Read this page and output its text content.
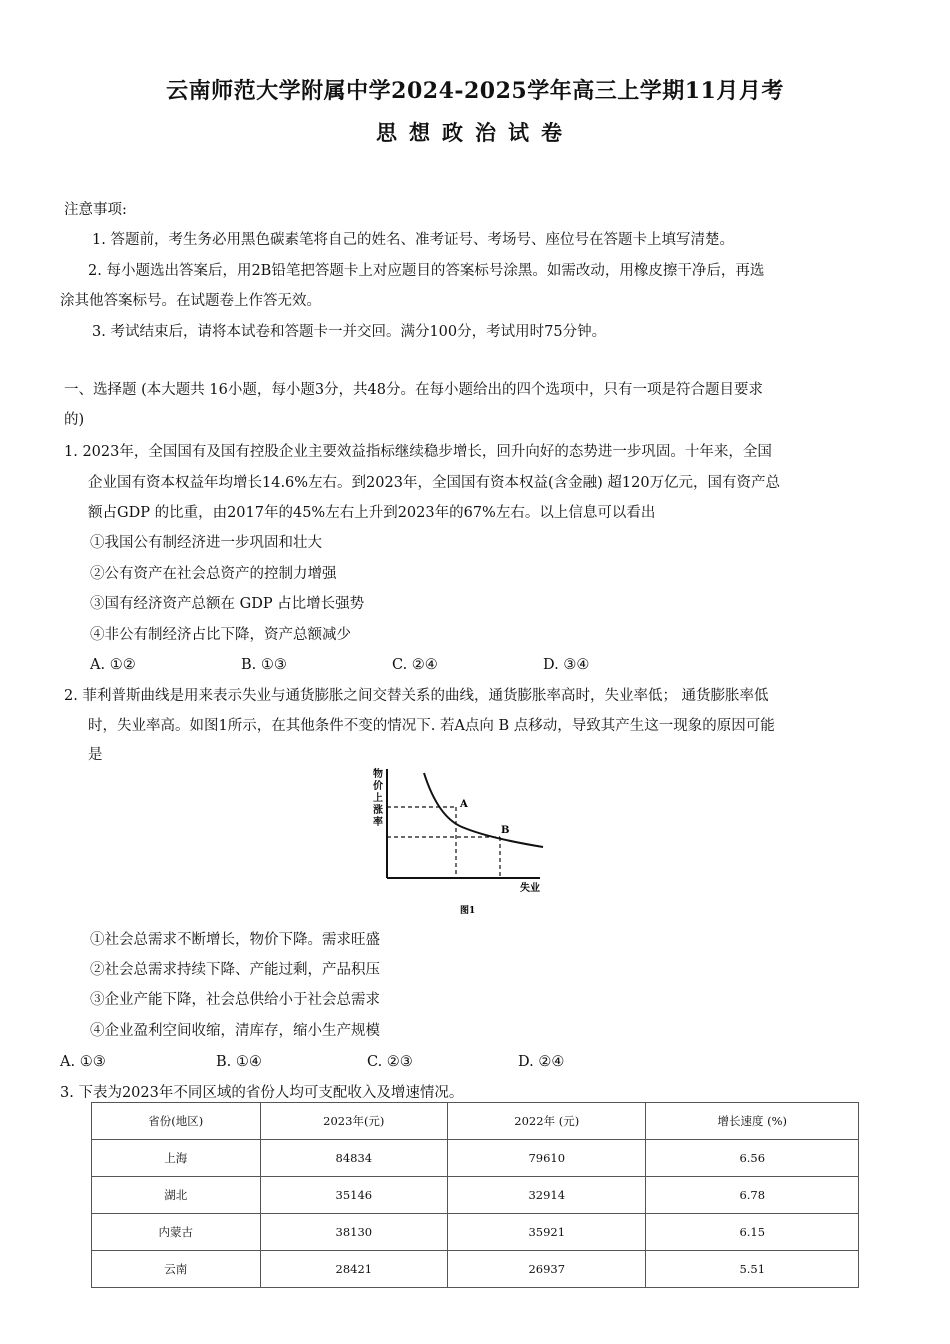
云南师范大学附属中学2024-2025学年高三上学期11月月考
思想政治试卷
注意事项:
1. 答题前，考生务必用黑色碳素笔将自己的姓名、准考证号、考场号、座位号在答题卡上填写清楚。
2. 每小题选出答案后，用2B铅笔把答题卡上对应题目的答案标号涂黑。如需改动，用橡皮擦干净后，再选
涂其他答案标号。在试题卷上作答无效。
3. 考试结束后，请将本试卷和答题卡一并交回。满分100分，考试用时75分钟。
一、选择题 (本大题共 16小题，每小题3分，共48分。在每小题给出的四个选项中，只有一项是符合题目要求
的)
1. 2023年，全国国有及国有控股企业主要效益指标继续稳步增长，回升向好的态势进一步巩固。十年来，全国
企业国有资本权益年均增长14.6%左右。到2023年，全国国有资本权益(含金融) 超120万亿元，国有资产总
额占GDP 的比重，由2017年的45%左右上升到2023年的67%左右。以上信息可以看出
①我国公有制经济进一步巩固和壮大
②公有资产在社会总资产的控制力增强
③国有经济资产总额在 GDP 占比增长强势
④非公有制经济占比下降，资产总额减少
A. ①②	B. ①③	C. ②④	D. ③④
2. 菲利普斯曲线是用来表示失业与通货膨胀之间交替关系的曲线，通货膨胀率高时，失业率低； 通货膨胀率低
时，失业率高。如图1所示，在其他条件不变的情况下. 若A点向 B 点移动，导致其产生这一现象的原因可能
是
物
价
上
涨
率
A
B
失业
图1
①社会总需求不断增长，物价下降。需求旺盛
②社会总需求持续下降、产能过剩，产品积压
③企业产能下降，社会总供给小于社会总需求
④企业盈利空间收缩，清库存，缩小生产规模
A. ①③	B. ①④	C. ②③	D. ②④
3. 下表为2023年不同区域的省份人均可支配收入及增速情况。
省份(地区)	2023年(元)	2022年 (元)	增长速度 (%)
上海	84834	79610	6.56
湖北	35146	32914	6.78
内蒙古	38130	35921	6.15
云南	28421	26937	5.51
